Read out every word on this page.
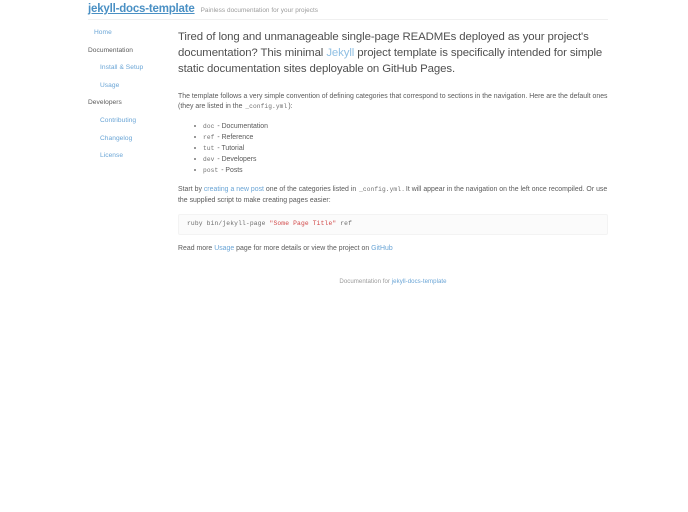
jekyll-docs-template Painless documentation for your projects
Home
Documentation
Install & Setup
Usage
Developers
Contributing
Changelog
License

Tired of long and unmanageable single-page READMEs deployed as your project's documentation? This minimal Jekyll project template is specifically intended for simple static documentation sites deployable on GitHub Pages.

The template follows a very simple convention of defining categories that correspond to sections in the navigation. Here are the default ones (they are listed in the _config.yml):

doc - Documentation
ref - Reference
tut - Tutorial
dev - Developers
post - Posts

Start by creating a new post one of the categories listed in _config.yml. It will appear in the navigation on the left once recompiled. Or use the supplied script to make creating pages easier:

ruby bin/jekyll-page "Some Page Title" ref

Read more Usage page for more details or view the project on GitHub

Documentation for jekyll-docs-template
